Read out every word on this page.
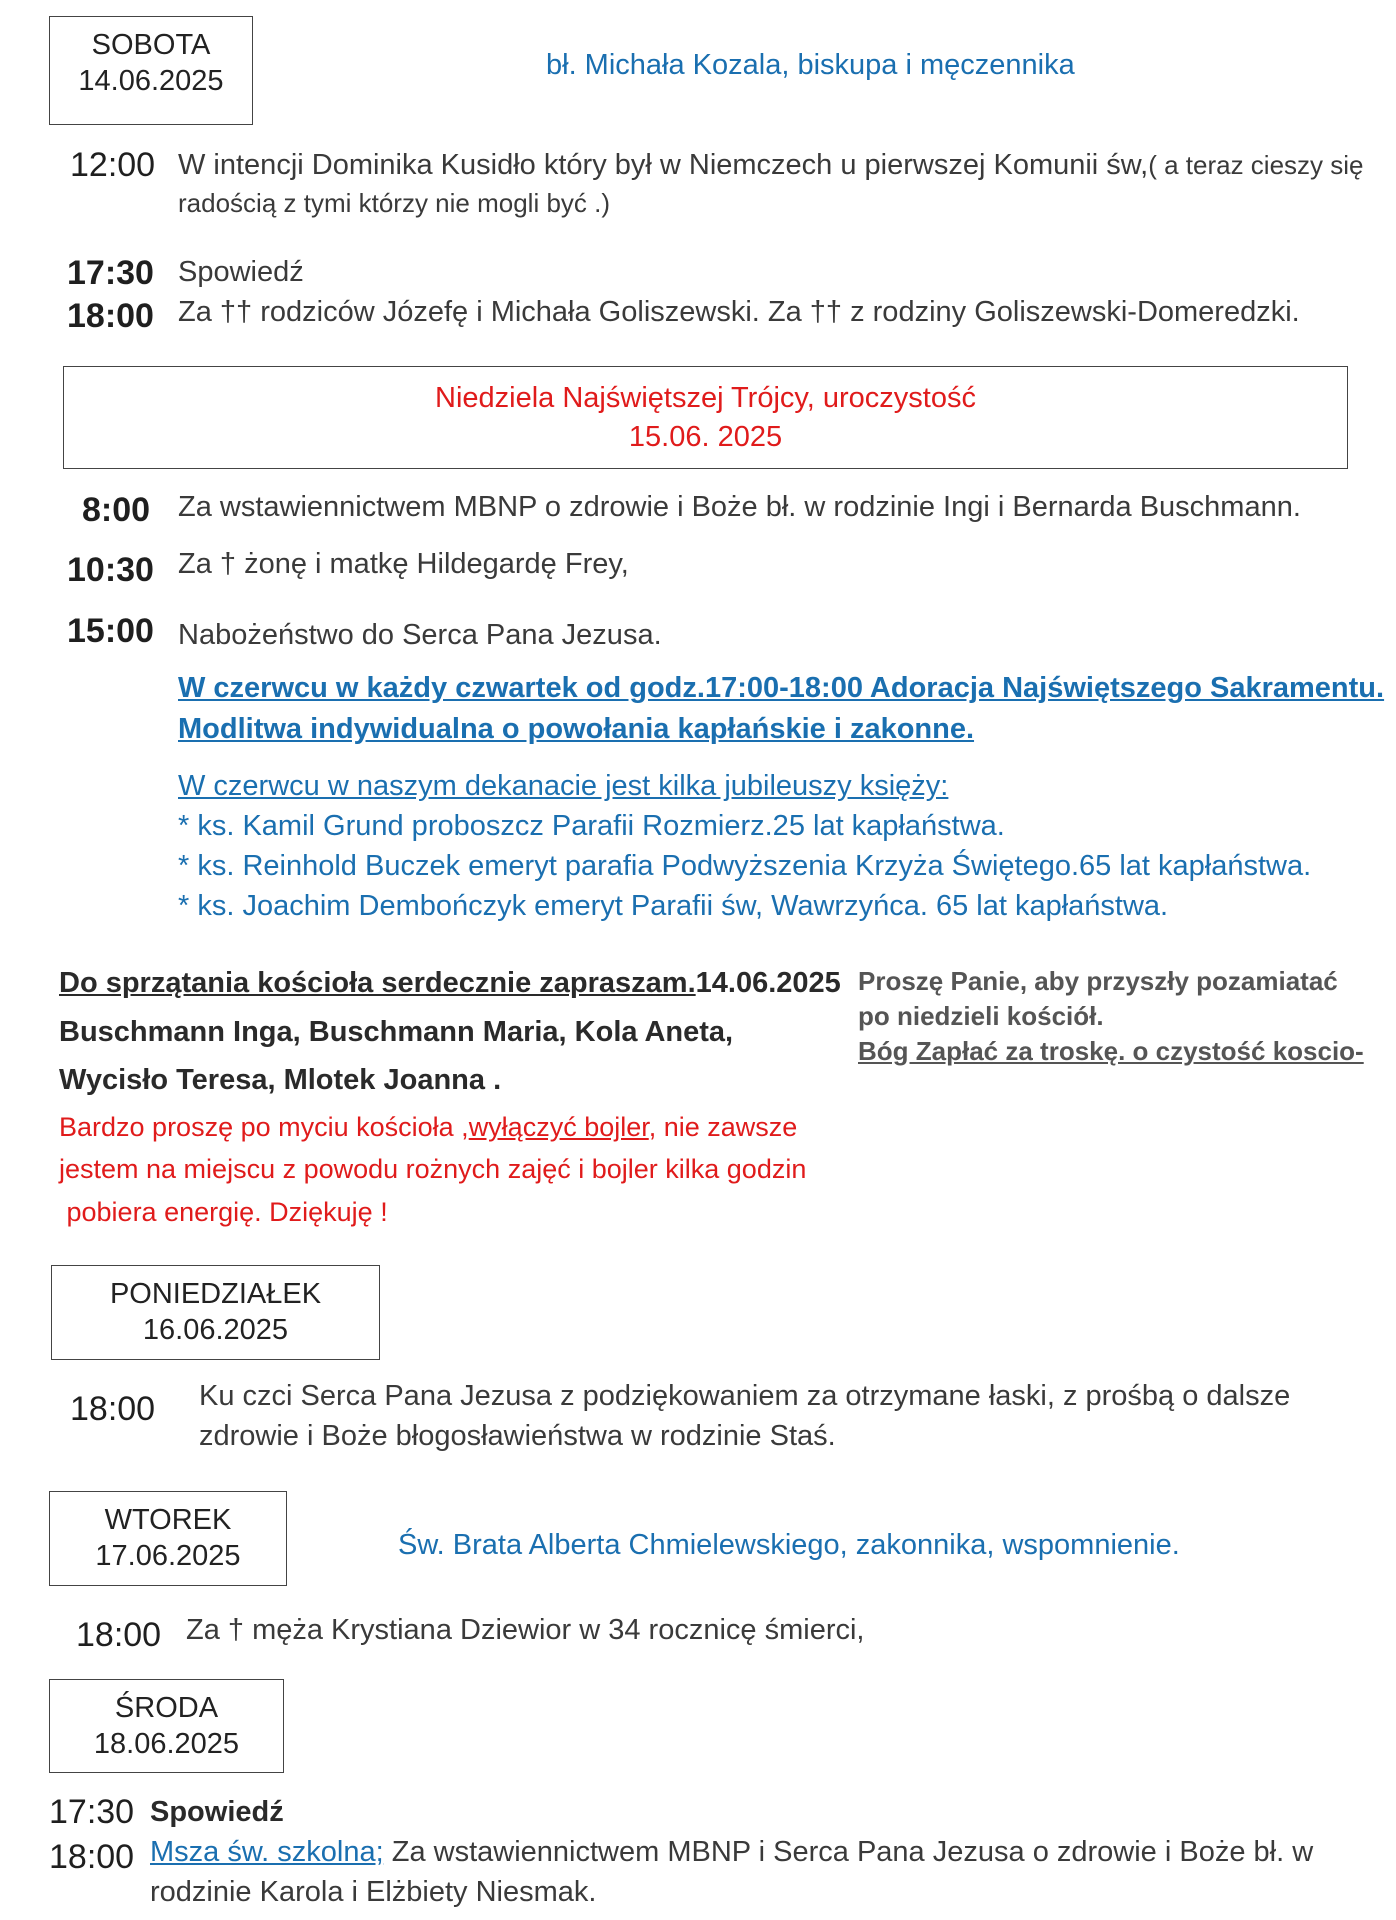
SOBOTA
14.06.2025	bł. Michała Kozala, biskupa i męczennika
12:00 W intencji Dominika Kusidło który był w Niemczech u pierwszej Komunii św,( a teraz cieszy się
radością z tymi którzy nie mogli być .)
17:30 Spowiedź
18:00 Za †† rodziców Józefę i Michała Goliszewski. Za †† z rodziny Goliszewski-Domeredzki.
Niedziela Najświętszej Trójcy, uroczystość
15.06. 2025
8:00 Za wstawiennictwem MBNP o zdrowie i Boże bł. w rodzinie Ingi i Bernarda Buschmann.
10:30 Za † żonę i matkę Hildegardę Frey,
15:00 Nabożeństwo do Serca Pana Jezusa.
W czerwcu w każdy czwartek od godz.17:00-18:00 Adoracja Najświętszego Sakramentu.
Modlitwa indywidualna o powołania kapłańskie i zakonne.
W czerwcu w naszym dekanacie jest kilka jubileuszy księży:
* ks. Kamil Grund proboszcz Parafii Rozmierz.25 lat kapłaństwa.
* ks. Reinhold Buczek emeryt parafia Podwyższenia Krzyża Świętego.65 lat kapłaństwa.
* ks. Joachim Dembończyk emeryt Parafii św, Wawrzyńca. 65 lat kapłaństwa.
Do sprzątania kościoła serdecznie zapraszam.14.06.2025
Buschmann Inga, Buschmann Maria, Kola Aneta,
Wycisło Teresa, Mlotek Joanna .
Bardzo proszę po myciu kościoła ,wyłączyć bojler, nie zawsze
jestem na miejscu z powodu rożnych zajęć i bojler kilka godzin
pobiera energię. Dziękuję !
Proszę Panie, aby przyszły pozamiatać
po niedzieli kościół.
Bóg Zapłać za troskę. o czystość koscio-
PONIEDZIAŁEK
16.06.2025
18:00 Ku czci Serca Pana Jezusa z podziękowaniem za otrzymane łaski, z prośbą o dalsze
zdrowie i Boże błogosławieństwa w rodzinie Staś.
WTOREK
17.06.2025	Św. Brata Alberta Chmielewskiego, zakonnika, wspomnienie.
18:00 Za † męża Krystiana Dziewior w 34 rocznicę śmierci,
ŚRODA
18.06.2025
17:30 Spowiedź
18:00 Msza św. szkolna; Za wstawiennictwem MBNP i Serca Pana Jezusa o zdrowie i Boże bł. w
rodzinie Karola i Elżbiety Niesmak.
